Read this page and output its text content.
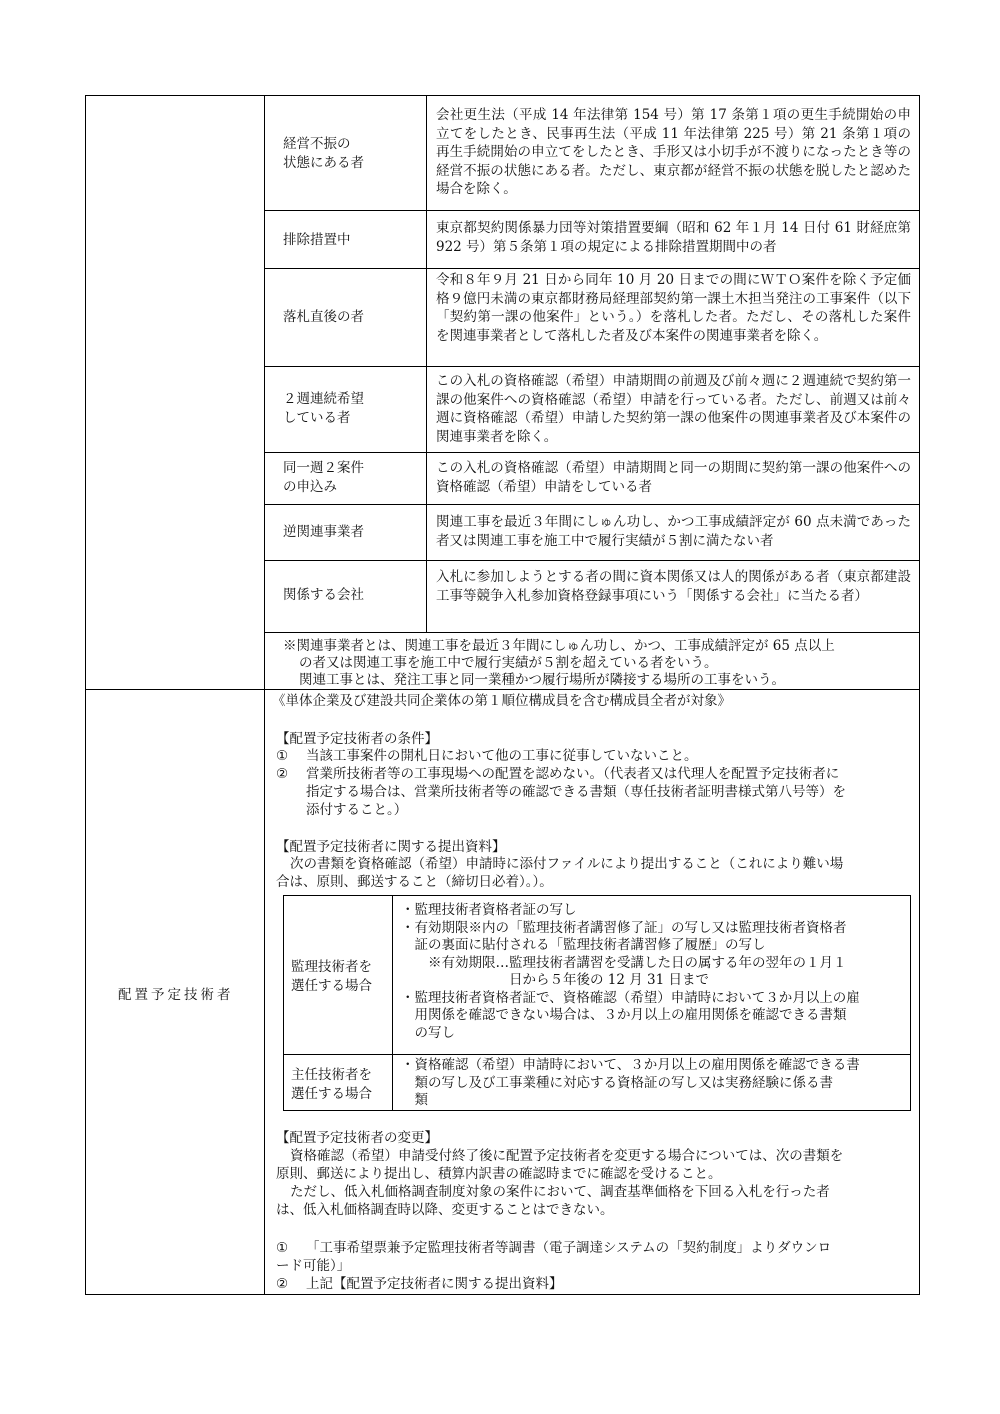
経営不振の
状態にある者
会社更生法（平成 14 年法律第 154 号）第 17 条第１項の更生手続開始の申立てをしたとき、民事再生法（平成 11 年法律第 225 号）第 21 条第１項の再生手続開始の申立てをしたとき、手形又は小切手が不渡りになったとき等の経営不振の状態にある者。ただし、東京都が経営不振の状態を脱したと認めた場合を除く。
排除措置中
東京都契約関係暴力団等対策措置要綱（昭和 62 年１月 14 日付 61 財経庶第 922 号）第５条第１項の規定による排除措置期間中の者
落札直後の者
令和８年９月 21 日から同年 10 月 20 日までの間にＷＴＯ案件を除く予定価格９億円未満の東京都財務局経理部契約第一課土木担当発注の工事案件（以下「契約第一課の他案件」という。）を落札した者。ただし、その落札した案件を関連事業者として落札した者及び本案件の関連事業者を除く。
２週連続希望
している者
この入札の資格確認（希望）申請期間の前週及び前々週に２週連続で契約第一課の他案件への資格確認（希望）申請を行っている者。ただし、前週又は前々週に資格確認（希望）申請した契約第一課の他案件の関連事業者及び本案件の関連事業者を除く。
同一週２案件
の申込み
この入札の資格確認（希望）申請期間と同一の期間に契約第一課の他案件への資格確認（希望）申請をしている者
逆関連事業者
関連工事を最近３年間にしゅん功し、かつ工事成績評定が 60 点未満であった者又は関連工事を施工中で履行実績が５割に満たない者
関係する会社
入札に参加しようとする者の間に資本関係又は人的関係がある者（東京都建設工事等競争入札参加資格登録事項にいう「関係する会社」に当たる者）
※関連事業者とは、関連工事を最近３年間にしゅん功し、かつ、工事成績評定が 65 点以上
の者又は関連工事を施工中で履行実績が５割を超えている者をいう。
関連工事とは、発注工事と同一業種かつ履行場所が隣接する場所の工事をいう。
配置予定技術者
《単体企業及び建設共同企業体の第１順位構成員を含む構成員全者が対象》
【配置予定技術者の条件】
① 当該工事案件の開札日において他の工事に従事していないこと。
② 営業所技術者等の工事現場への配置を認めない。（代表者又は代理人を配置予定技術者に
指定する場合は、営業所技術者等の確認できる書類（専任技術者証明書様式第八号等）を
添付すること。）
【配置予定技術者に関する提出資料】
次の書類を資格確認（希望）申請時に添付ファイルにより提出すること（これにより難い場
合は、原則、郵送すること（締切日必着）。）。
監理技術者を
選任する場合
・監理技術者資格者証の写し
・有効期限※内の「監理技術者講習修了証」の写し又は監理技術者資格者
　証の裏面に貼付される「監理技術者講習修了履歴」の写し
　　※有効期限…監理技術者講習を受講した日の属する年の翌年の１月１
　　　　　　　　日から５年後の 12 月 31 日まで
・監理技術者資格者証で、資格確認（希望）申請時において３か月以上の雇
　用関係を確認できない場合は、３か月以上の雇用関係を確認できる書類
　の写し
主任技術者を
選任する場合
・資格確認（希望）申請時において、３か月以上の雇用関係を確認できる書
　類の写し及び工事業種に対応する資格証の写し又は実務経験に係る書
　類
【配置予定技術者の変更】
資格確認（希望）申請受付終了後に配置予定技術者を変更する場合については、次の書類を
原則、郵送により提出し、積算内訳書の確認時までに確認を受けること。
ただし、低入札価格調査制度対象の案件において、調査基準価格を下回る入札を行った者
は、低入札価格調査時以降、変更することはできない。
① 「工事希望票兼予定監理技術者等調書（電子調達システムの「契約制度」よりダウンロ
ード可能）」
② 上記【配置予定技術者に関する提出資料】
